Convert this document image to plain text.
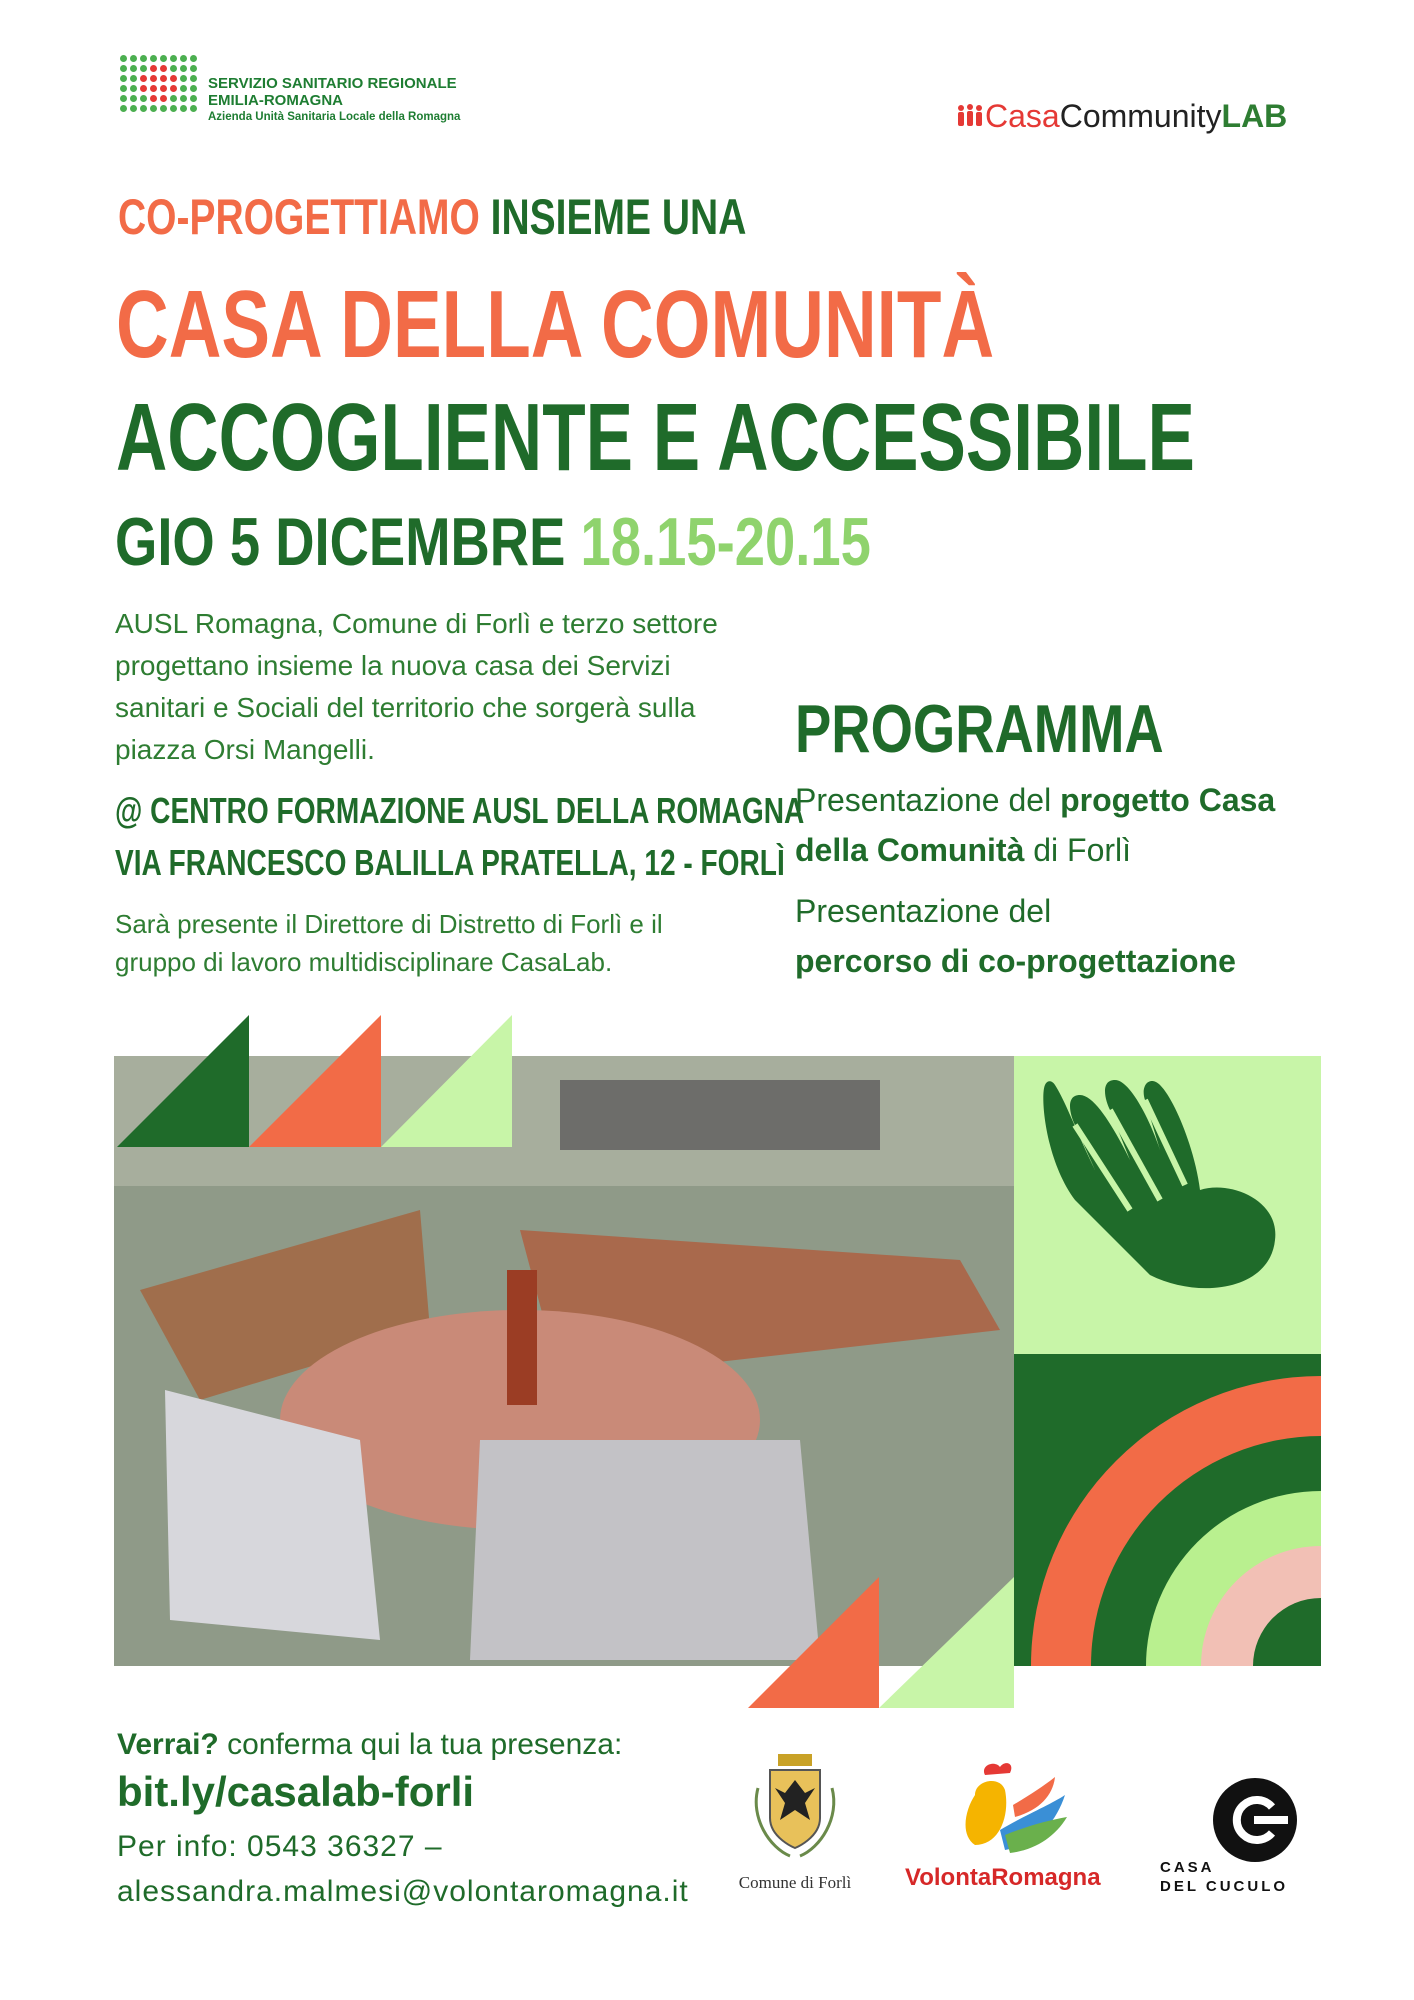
SERVIZIO SANITARIO REGIONALE
EMILIA-ROMAGNA
Azienda Unità Sanitaria Locale della Romagna	Casa Community LAB
CO-PROGETTIAMO INSIEME UNA
CASA DELLA COMUNITÀ
ACCOGLIENTE E ACCESSIBILE
GIO 5 DICEMBRE 18.15-20.15
AUSL Romagna, Comune di Forlì e terzo settore progettano insieme la nuova casa dei Servizi sanitari e Sociali del territorio che sorgerà sulla piazza Orsi Mangelli.
@ CENTRO FORMAZIONE AUSL DELLA ROMAGNA
VIA FRANCESCO BALILLA PRATELLA, 12 - FORLÌ
Sarà presente il Direttore di Distretto di Forlì e il gruppo di lavoro multidisciplinare CasaLab.
PROGRAMMA
Presentazione del progetto Casa della Comunità di Forlì
Presentazione del
percorso di co-progettazione
Verrai? conferma qui la tua presenza:
bit.ly/casalab-forli
Per info: 0543 36327 –
alessandra.malmesi@volontaromagna.it	Comune di Forlì	VolontaRomagna	CASA
DEL CUCULO
